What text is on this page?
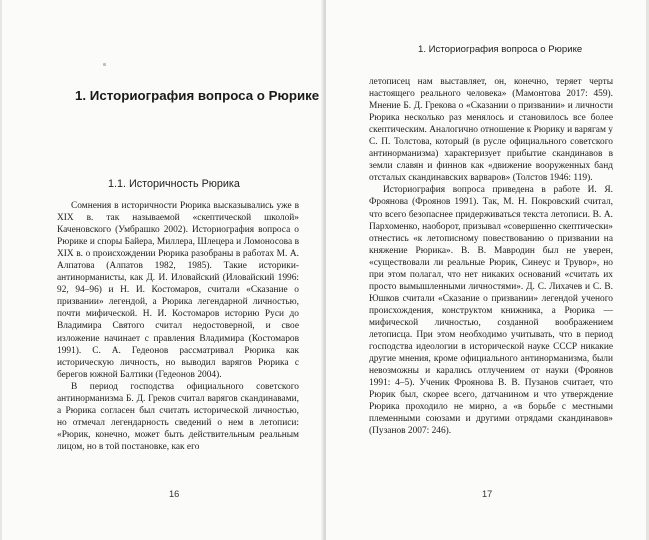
1. Историография вопроса о Рюрике
1.1. Историчность Рюрика

Сомнения в историчности Рюрика высказывались уже в XIX в. так называемой «скептической школой» Каченовского (Умбрашко 2002). Историография вопроса о Рюрике и споры Байера, Миллера, Шлецера и Ломоносова в XIX в. о происхождении Рюрика разобраны в работах М. А. Алпатова (Алпатов 1982, 1985). Такие историки-антинорманисты, как Д. И. Иловайский (Иловайский 1996: 92, 94–96) и Н. И. Костомаров, считали «Сказание о призвании» легендой, а Рюрика легендарной личностью, почти мифической. Н. И. Костомаров историю Руси до Владимира Святого считал недостоверной, и свое изложение начинает с правления Владимира (Костомаров 1991). С. А. Гедеонов рассматривал Рюрика как историческую личность, но выводил варягов Рюрика с берегов южной Балтики (Гедеонов 2004).

В период господства официального советского антинорманизма Б. Д. Греков считал варягов скандинавами, а Рюрика согласен был считать исторической личностью, но отмечал легендарность сведений о нем в летописи: «Рюрик, конечно, может быть действительным реальным лицом, но в той постановке, как его

16
1. Историография вопроса о Рюрике

летописец нам выставляет, он, конечно, теряет черты настоящего реального человека» (Мамонтова 2017: 459). Мнение Б. Д. Грекова о «Сказании о призвании» и личности Рюрика несколько раз менялось и становилось все более скептическим. Аналогично отношение к Рюрику и варягам у С. П. Толстова, который (в русле официального советского антинорманизма) характеризует прибытие скандинавов в земли славян и финнов как «движение вооруженных банд отсталых скандинавских варваров» (Толстов 1946: 119).

Историография вопроса приведена в работе И. Я. Фроянова (Фроянов 1991). Так, М. Н. Покровский считал, что всего безопаснее придерживаться текста летописи. В. А. Пархоменко, наоборот, призывал «совершенно скептически» отнестись «к летописному повествованию о призвании на княжение Рюрика». В. В. Мавродин был не уверен, «существовали ли реальные Рюрик, Синеус и Трувор», но при этом полагал, что нет никаких оснований «считать их просто вымышленными личностями». Д. С. Лихачев и С. В. Юшков считали «Сказание о призвании» легендой ученого происхождения, конструктом книжника, а Рюрика — мифической личностью, созданной воображением летописца. При этом необходимо учитывать, что в период господства идеологии в исторической науке СССР никакие другие мнения, кроме официального антинорманизма, были невозможны и карались отлучением от науки (Фроянов 1991: 4–5). Ученик Фроянова В. В. Пузанов считает, что Рюрик был, скорее всего, датчанином и что утверждение Рюрика проходило не мирно, а «в борьбе с местными племенными союзами и другими отрядами скандинавов» (Пузанов 2007: 246).

17
